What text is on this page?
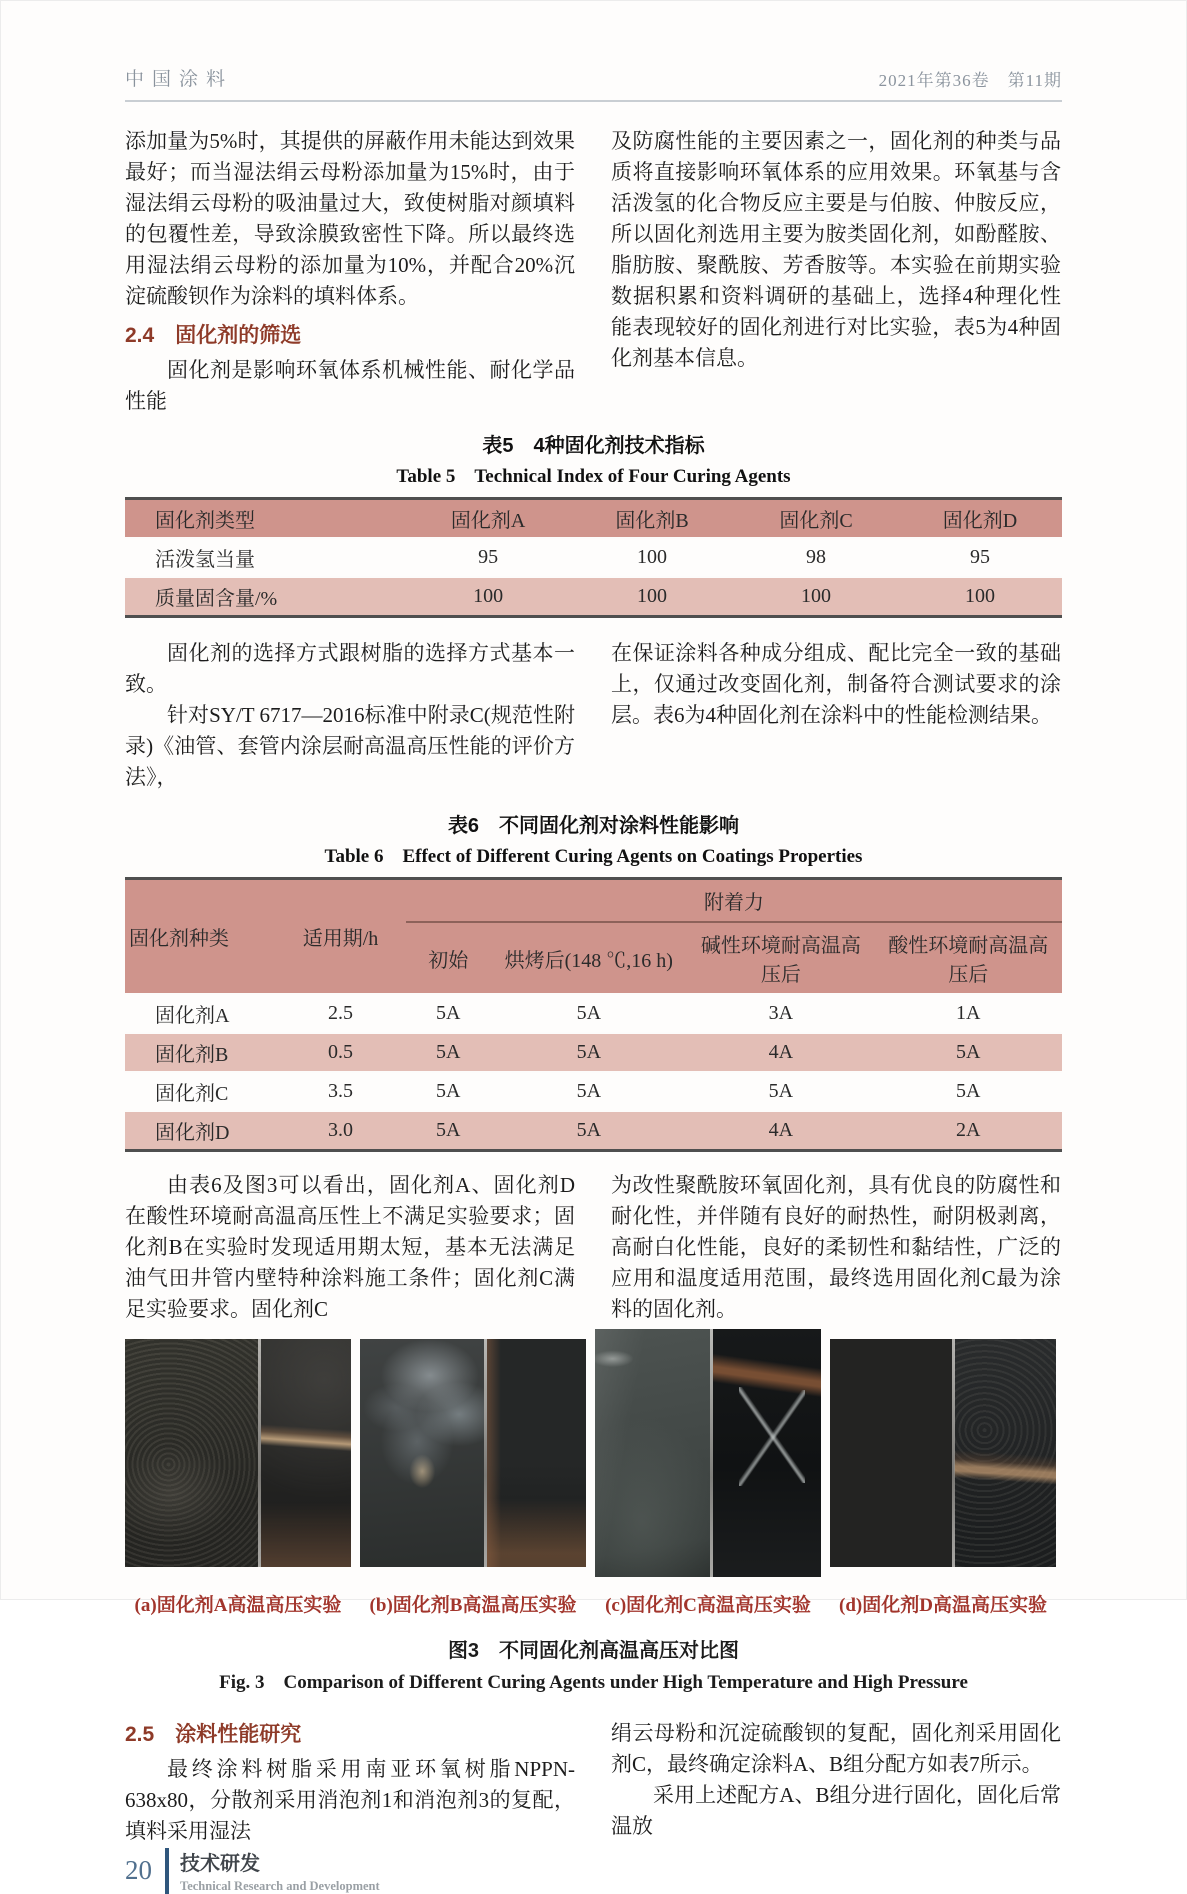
中国涂料	2021年第36卷　第11期

添加量为5%时，其提供的屏蔽作用未能达到效果最好；而当湿法绢云母粉添加量为15%时，由于湿法绢云母粉的吸油量过大，致使树脂对颜填料的包覆性差，导致涂膜致密性下降。所以最终选用湿法绢云母粉的添加量为10%，并配合20%沉淀硫酸钡作为涂料的填料体系。

2.4　固化剂的筛选

固化剂是影响环氧体系机械性能、耐化学品性能

及防腐性能的主要因素之一，固化剂的种类与品质将直接影响环氧体系的应用效果。环氧基与含活泼氢的化合物反应主要是与伯胺、仲胺反应，所以固化剂选用主要为胺类固化剂，如酚醛胺、脂肪胺、聚酰胺、芳香胺等。本实验在前期实验数据积累和资料调研的基础上，选择4种理化性能表现较好的固化剂进行对比实验，表5为4种固化剂基本信息。

表5　4种固化剂技术指标
Table 5　Technical Index of Four Curing Agents
固化剂类型	固化剂A	固化剂B	固化剂C	固化剂D
活泼氢当量	95	100	98	95
质量固含量/%	100	100	100	100

固化剂的选择方式跟树脂的选择方式基本一致。

针对SY/T 6717—2016标准中附录C(规范性附录)《油管、套管内涂层耐高温高压性能的评价方法》，

在保证涂料各种成分组成、配比完全一致的基础上，仅通过改变固化剂，制备符合测试要求的涂层。表6为4种固化剂在涂料中的性能检测结果。

表6　不同固化剂对涂料性能影响
Table 6　Effect of Different Curing Agents on Coatings Properties
固化剂种类	适用期/h	附着力			
		初始	烘烤后(148 ℃,16 h)	碱性环境耐高温高压后	酸性环境耐高温高压后
固化剂A	2.5	5A	5A	3A	1A
固化剂B	0.5	5A	5A	4A	5A
固化剂C	3.5	5A	5A	5A	5A
固化剂D	3.0	5A	5A	4A	2A

由表6及图3可以看出，固化剂A、固化剂D在酸性环境耐高温高压性上不满足实验要求；固化剂B在实验时发现适用期太短，基本无法满足油气田井管内壁特种涂料施工条件；固化剂C满足实验要求。固化剂C

为改性聚酰胺环氧固化剂，具有优良的防腐性和耐化性，并伴随有良好的耐热性，耐阴极剥离，高耐白化性能，良好的柔韧性和黏结性，广泛的应用和温度适用范围，最终选用固化剂C最为涂料的固化剂。

(a)固化剂A高温高压实验	(b)固化剂B高温高压实验	(c)固化剂C高温高压实验	(d)固化剂D高温高压实验
图3　不同固化剂高温高压对比图
Fig. 3　Comparison of Different Curing Agents under High Temperature and High Pressure

2.5　涂料性能研究

最终涂料树脂采用南亚环氧树脂NPPN-638x80，分散剂采用消泡剂1和消泡剂3的复配，填料采用湿法

绢云母粉和沉淀硫酸钡的复配，固化剂采用固化剂C，最终确定涂料A、B组分配方如表7所示。

采用上述配方A、B组分进行固化，固化后常温放

20 技术研发
Technical Research and Development
